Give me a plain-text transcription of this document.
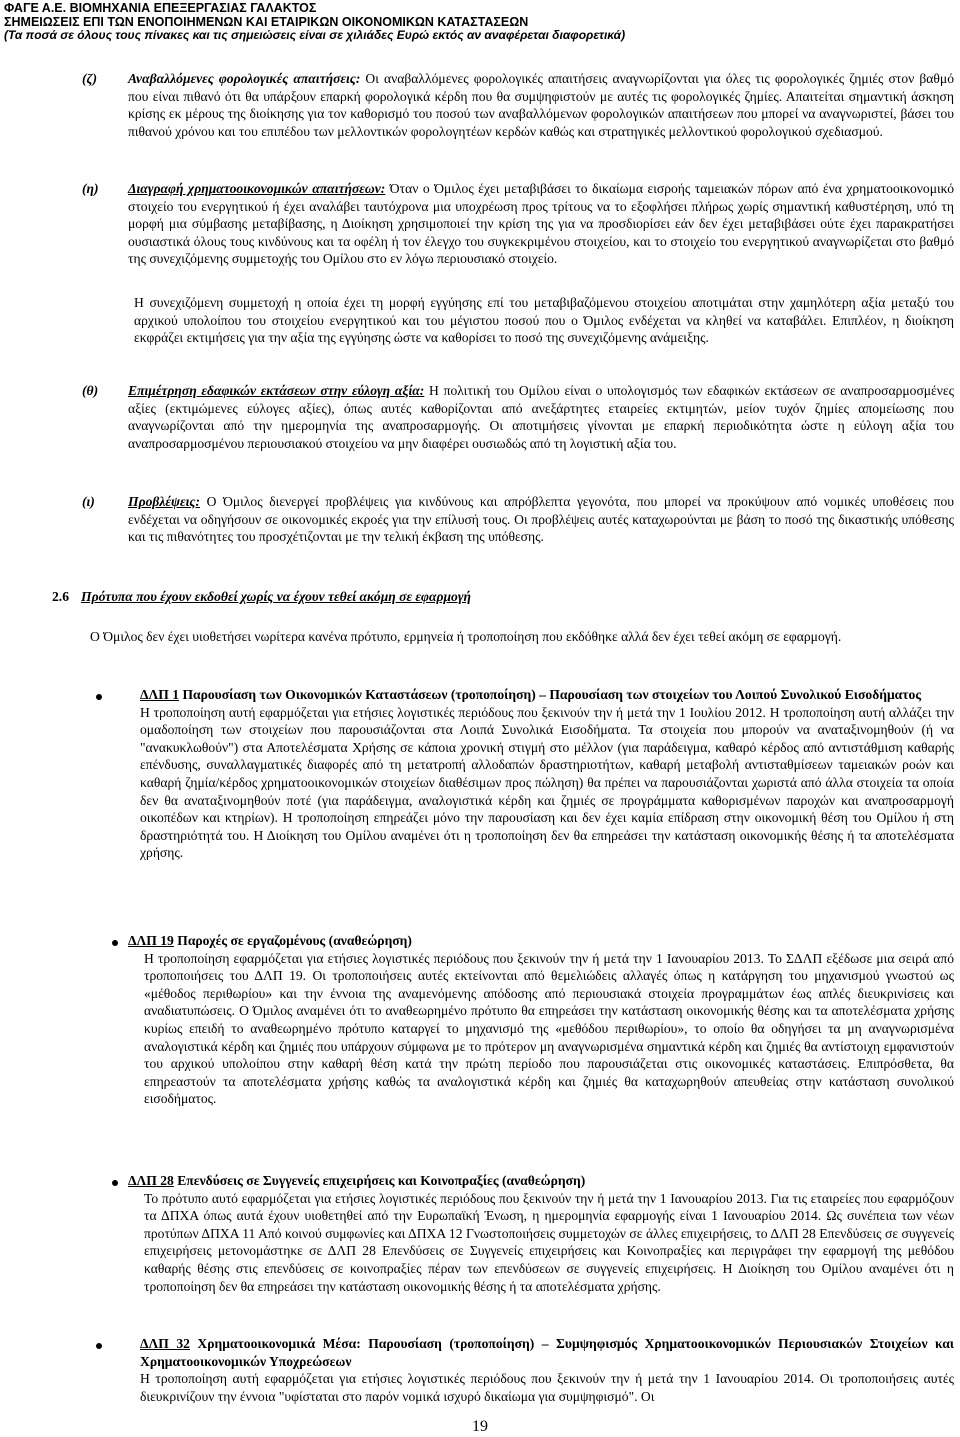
ΦΑΓΕ Α.Ε. ΒΙΟΜΗΧΑΝΙΑ ΕΠΕΞΕΡΓΑΣΙΑΣ ΓΑΛΑΚΤΟΣ
ΣΗΜΕΙΩΣΕΙΣ ΕΠΙ ΤΩΝ ΕΝΟΠΟΙΗΜΕΝΩΝ ΚΑΙ ΕΤΑΙΡΙΚΩΝ ΟΙΚΟΝΟΜΙΚΩΝ ΚΑΤΑΣΤΑΣΕΩΝ
(Τα ποσά σε όλους τους πίνακες και τις σημειώσεις είναι σε χιλιάδες Ευρώ εκτός αν αναφέρεται διαφορετικά)
(ζ) Αναβαλλόμενες φορολογικές απαιτήσεις: Οι αναβαλλόμενες φορολογικές απαιτήσεις αναγνωρίζονται για όλες τις φορολογικές ζημιές στον βαθμό που είναι πιθανό ότι θα υπάρξουν επαρκή φορολογικά κέρδη που θα συμψηφιστούν με αυτές τις φορολογικές ζημίες. Απαιτείται σημαντική άσκηση κρίσης εκ μέρους της διοίκησης για τον καθορισμό του ποσού των αναβαλλόμενων φορολογικών απαιτήσεων που μπορεί να αναγνωριστεί, βάσει του πιθανού χρόνου και του επιπέδου των μελλοντικών φορολογητέων κερδών καθώς και στρατηγικές μελλοντικού φορολογικού σχεδιασμού.
(η) Διαγραφή χρηματοοικονομικών απαιτήσεων: Όταν ο Όμιλος έχει μεταβιβάσει το δικαίωμα εισροής ταμειακών πόρων από ένα χρηματοοικονομικό στοιχείο του ενεργητικού ή έχει αναλάβει ταυτόχρονα μια υποχρέωση προς τρίτους να το εξοφλήσει πλήρως χωρίς σημαντική καθυστέρηση, υπό τη μορφή μια σύμβασης μεταβίβασης, η Διοίκηση χρησιμοποιεί την κρίση της για να προσδιορίσει εάν δεν έχει μεταβιβάσει ούτε έχει παρακρατήσει ουσιαστικά όλους τους κινδύνους και τα οφέλη ή τον έλεγχο του συγκεκριμένου στοιχείου, και το στοιχείο του ενεργητικού αναγνωρίζεται στο βαθμό της συνεχιζόμενης συμμετοχής του Ομίλου στο εν λόγω περιουσιακό στοιχείο.
Η συνεχιζόμενη συμμετοχή η οποία έχει τη μορφή εγγύησης επί του μεταβιβαζόμενου στοιχείου αποτιμάται στην χαμηλότερη αξία μεταξύ του αρχικού υπολοίπου του στοιχείου ενεργητικού και του μέγιστου ποσού που ο Όμιλος ενδέχεται να κληθεί να καταβάλει. Επιπλέον, η διοίκηση εκφράζει εκτιμήσεις για την αξία της εγγύησης ώστε να καθορίσει το ποσό της συνεχιζόμενης ανάμειξης.
(θ) Επιμέτρηση εδαφικών εκτάσεων στην εύλογη αξία: Η πολιτική του Ομίλου είναι ο υπολογισμός των εδαφικών εκτάσεων σε αναπροσαρμοσμένες αξίες (εκτιμώμενες εύλογες αξίες), όπως αυτές καθορίζονται από ανεξάρτητες εταιρείες εκτιμητών, μείον τυχόν ζημίες απομείωσης που αναγνωρίζονται από την ημερομηνία της αναπροσαρμογής. Οι αποτιμήσεις γίνονται με επαρκή περιοδικότητα ώστε η εύλογη αξία του αναπροσαρμοσμένου περιουσιακού στοιχείου να μην διαφέρει ουσιωδώς από τη λογιστική αξία του.
(ι) Προβλέψεις: Ο Όμιλος διενεργεί προβλέψεις για κινδύνους και απρόβλεπτα γεγονότα, που μπορεί να προκύψουν από νομικές υποθέσεις που ενδέχεται να οδηγήσουν σε οικονομικές εκροές για την επίλυσή τους. Οι προβλέψεις αυτές καταχωρούνται με βάση το ποσό της δικαστικής υπόθεσης και τις πιθανότητες του προσχέτιζονται με την τελική έκβαση της υπόθεσης.
2.6 Πρότυπα που έχουν εκδοθεί χωρίς να έχουν τεθεί ακόμη σε εφαρμογή
Ο Όμιλος δεν έχει υιοθετήσει νωρίτερα κανένα πρότυπο, ερμηνεία ή τροποποίηση που εκδόθηκε αλλά δεν έχει τεθεί ακόμη σε εφαρμογή.
ΔΛΠ 1 Παρουσίαση των Οικονομικών Καταστάσεων (τροποποίηση) – Παρουσίαση των στοιχείων του Λοιπού Συνολικού Εισοδήματος
Η τροποποίηση αυτή εφαρμόζεται για ετήσιες λογιστικές περιόδους που ξεκινούν την ή μετά την 1 Ιουλίου 2012. Η τροποποίηση αυτή αλλάζει την ομαδοποίηση των στοιχείων που παρουσιάζονται στα Λοιπά Συνολικά Εισοδήματα. Τα στοιχεία που μπορούν να αναταξινομηθούν (ή να "ανακυκλωθούν") στα Αποτελέσματα Χρήσης σε κάποια χρονική στιγμή στο μέλλον (για παράδειγμα, καθαρό κέρδος από αντιστάθμιση καθαρής επένδυσης, συναλλαγματικές διαφορές από τη μετατροπή αλλοδαπών δραστηριοτήτων, καθαρή μεταβολή αντισταθμίσεων ταμειακών ροών και καθαρή ζημία/κέρδος χρηματοοικονομικών στοιχείων διαθέσιμων προς πώληση) θα πρέπει να παρουσιάζονται χωριστά από άλλα στοιχεία τα οποία δεν θα αναταξινομηθούν ποτέ (για παράδειγμα, αναλογιστικά κέρδη και ζημιές σε προγράμματα καθορισμένων παροχών και αναπροσαρμογή οικοπέδων και κτηρίων). Η τροποποίηση επηρεάζει μόνο την παρουσίαση και δεν έχει καμία επίδραση στην οικονομική θέση του Ομίλου ή στη δραστηριότητά του. Η Διοίκηση του Ομίλου αναμένει ότι η τροποποίηση δεν θα επηρεάσει την κατάσταση οικονομικής θέσης ή τα αποτελέσματα χρήσης.
ΔΛΠ 19 Παροχές σε εργαζομένους (αναθεώρηση)
Η τροποποίηση εφαρμόζεται για ετήσιες λογιστικές περιόδους που ξεκινούν την ή μετά την 1 Ιανουαρίου 2013. Το ΣΔΛΠ εξέδωσε μια σειρά από τροποποιήσεις του ΔΛΠ 19. Οι τροποποιήσεις αυτές εκτείνονται από θεμελιώδεις αλλαγές όπως η κατάργηση του μηχανισμού γνωστού ως «μέθοδος περιθωρίου» και την έννοια της αναμενόμενης απόδοσης από περιουσιακά στοιχεία προγραμμάτων έως απλές διευκρινίσεις και αναδιατυπώσεις. Ο Όμιλος αναμένει ότι το αναθεωρημένο πρότυπο θα επηρεάσει την κατάσταση οικονομικής θέσης και τα αποτελέσματα χρήσης κυρίως επειδή το αναθεωρημένο πρότυπο καταργεί το μηχανισμό της «μεθόδου περιθωρίου», το οποίο θα οδηγήσει τα μη αναγνωρισμένα αναλογιστικά κέρδη και ζημιές που υπάρχουν σύμφωνα με το πρότερον μη αναγνωρισμένα σημαντικά κέρδη και ζημιές θα αντίστοιχη εμφανιστούν του αρχικού υπολοίπου στην καθαρή θέση κατά την πρώτη περίοδο που παρουσιάζεται στις οικονομικές καταστάσεις. Επιπρόσθετα, θα επηρεαστούν τα αποτελέσματα χρήσης καθώς τα αναλογιστικά κέρδη και ζημιές θα καταχωρηθούν απευθείας στην κατάσταση συνολικού εισοδήματος.
ΔΛΠ 28 Επενδύσεις σε Συγγενείς επιχειρήσεις και Κοινοπραξίες (αναθεώρηση)
Το πρότυπο αυτό εφαρμόζεται για ετήσιες λογιστικές περιόδους που ξεκινούν την ή μετά την 1 Ιανουαρίου 2013. Για τις εταιρείες που εφαρμόζουν τα ΔΠΧΑ όπως αυτά έχουν υιοθετηθεί από την Ευρωπαϊκή Ένωση, η ημερομηνία εφαρμογής είναι 1 Ιανουαρίου 2014. Ως συνέπεια των νέων προτύπων ΔΠΧΑ 11 Από κοινού συμφωνίες και ΔΠΧΑ 12 Γνωστοποιήσεις συμμετοχών σε άλλες επιχειρήσεις, το ΔΛΠ 28 Επενδύσεις σε συγγενείς επιχειρήσεις μετονομάστηκε σε ΔΛΠ 28 Επενδύσεις σε Συγγενείς επιχειρήσεις και Κοινοπραξίες και περιγράφει την εφαρμογή της μεθόδου καθαρής θέσης στις επενδύσεις σε κοινοπραξίες πέραν των επενδύσεων σε συγγενείς επιχειρήσεις. Η Διοίκηση του Ομίλου αναμένει ότι η τροποποίηση δεν θα επηρεάσει την κατάσταση οικονομικής θέσης ή τα αποτελέσματα χρήσης.
ΔΛΠ 32 Χρηματοοικονομικά Μέσα: Παρουσίαση (τροποποίηση) – Συμψηφισμός Χρηματοοικονομικών Περιουσιακών Στοιχείων και Χρηματοοικονομικών Υποχρεώσεων
Η τροποποίηση αυτή εφαρμόζεται για ετήσιες λογιστικές περιόδους που ξεκινούν την ή μετά την 1 Ιανουαρίου 2014. Οι τροποποιήσεις αυτές διευκρινίζουν την έννοια "υφίσταται στο παρόν νομικά ισχυρό δικαίωμα για συμψηφισμό". Οι
19
